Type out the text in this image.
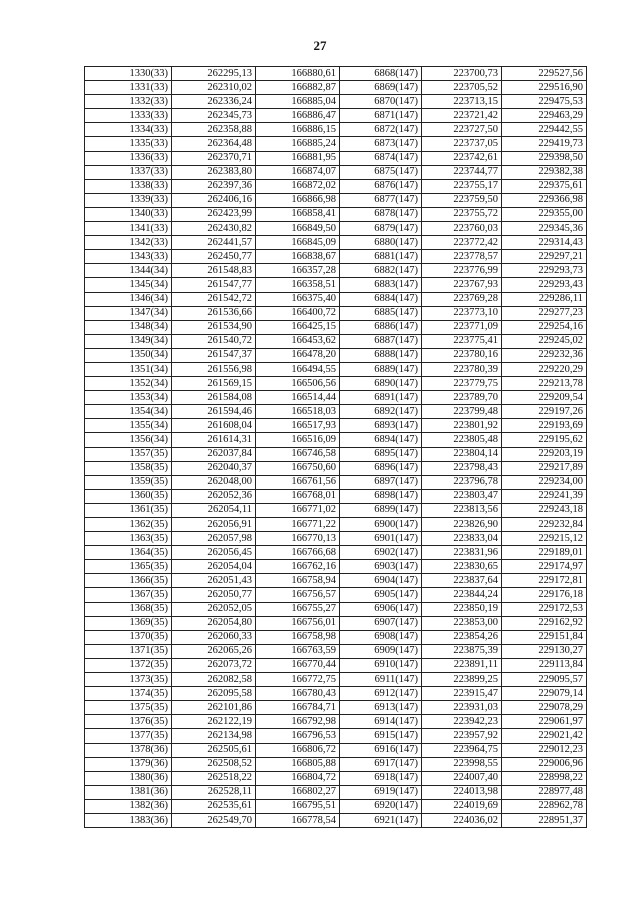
27
1330(33)	262295,13	166880,61	6868(147)	223700,73	229527,56
1331(33)	262310,02	166882,87	6869(147)	223705,52	229516,90
1332(33)	262336,24	166885,04	6870(147)	223713,15	229475,53
1333(33)	262345,73	166886,47	6871(147)	223721,42	229463,29
1334(33)	262358,88	166886,15	6872(147)	223727,50	229442,55
1335(33)	262364,48	166885,24	6873(147)	223737,05	229419,73
1336(33)	262370,71	166881,95	6874(147)	223742,61	229398,50
1337(33)	262383,80	166874,07	6875(147)	223744,77	229382,38
1338(33)	262397,36	166872,02	6876(147)	223755,17	229375,61
1339(33)	262406,16	166866,98	6877(147)	223759,50	229366,98
1340(33)	262423,99	166858,41	6878(147)	223755,72	229355,00
1341(33)	262430,82	166849,50	6879(147)	223760,03	229345,36
1342(33)	262441,57	166845,09	6880(147)	223772,42	229314,43
1343(33)	262450,77	166838,67	6881(147)	223778,57	229297,21
1344(34)	261548,83	166357,28	6882(147)	223776,99	229293,73
1345(34)	261547,77	166358,51	6883(147)	223767,93	229293,43
1346(34)	261542,72	166375,40	6884(147)	223769,28	229286,11
1347(34)	261536,66	166400,72	6885(147)	223773,10	229277,23
1348(34)	261534,90	166425,15	6886(147)	223771,09	229254,16
1349(34)	261540,72	166453,62	6887(147)	223775,41	229245,02
1350(34)	261547,37	166478,20	6888(147)	223780,16	229232,36
1351(34)	261556,98	166494,55	6889(147)	223780,39	229220,29
1352(34)	261569,15	166506,56	6890(147)	223779,75	229213,78
1353(34)	261584,08	166514,44	6891(147)	223789,70	229209,54
1354(34)	261594,46	166518,03	6892(147)	223799,48	229197,26
1355(34)	261608,04	166517,93	6893(147)	223801,92	229193,69
1356(34)	261614,31	166516,09	6894(147)	223805,48	229195,62
1357(35)	262037,84	166746,58	6895(147)	223804,14	229203,19
1358(35)	262040,37	166750,60	6896(147)	223798,43	229217,89
1359(35)	262048,00	166761,56	6897(147)	223796,78	229234,00
1360(35)	262052,36	166768,01	6898(147)	223803,47	229241,39
1361(35)	262054,11	166771,02	6899(147)	223813,56	229243,18
1362(35)	262056,91	166771,22	6900(147)	223826,90	229232,84
1363(35)	262057,98	166770,13	6901(147)	223833,04	229215,12
1364(35)	262056,45	166766,68	6902(147)	223831,96	229189,01
1365(35)	262054,04	166762,16	6903(147)	223830,65	229174,97
1366(35)	262051,43	166758,94	6904(147)	223837,64	229172,81
1367(35)	262050,77	166756,57	6905(147)	223844,24	229176,18
1368(35)	262052,05	166755,27	6906(147)	223850,19	229172,53
1369(35)	262054,80	166756,01	6907(147)	223853,00	229162,92
1370(35)	262060,33	166758,98	6908(147)	223854,26	229151,84
1371(35)	262065,26	166763,59	6909(147)	223875,39	229130,27
1372(35)	262073,72	166770,44	6910(147)	223891,11	229113,84
1373(35)	262082,58	166772,75	6911(147)	223899,25	229095,57
1374(35)	262095,58	166780,43	6912(147)	223915,47	229079,14
1375(35)	262101,86	166784,71	6913(147)	223931,03	229078,29
1376(35)	262122,19	166792,98	6914(147)	223942,23	229061,97
1377(35)	262134,98	166796,53	6915(147)	223957,92	229021,42
1378(36)	262505,61	166806,72	6916(147)	223964,75	229012,23
1379(36)	262508,52	166805,88	6917(147)	223998,55	229006,96
1380(36)	262518,22	166804,72	6918(147)	224007,40	228998,22
1381(36)	262528,11	166802,27	6919(147)	224013,98	228977,48
1382(36)	262535,61	166795,51	6920(147)	224019,69	228962,78
1383(36)	262549,70	166778,54	6921(147)	224036,02	228951,37
